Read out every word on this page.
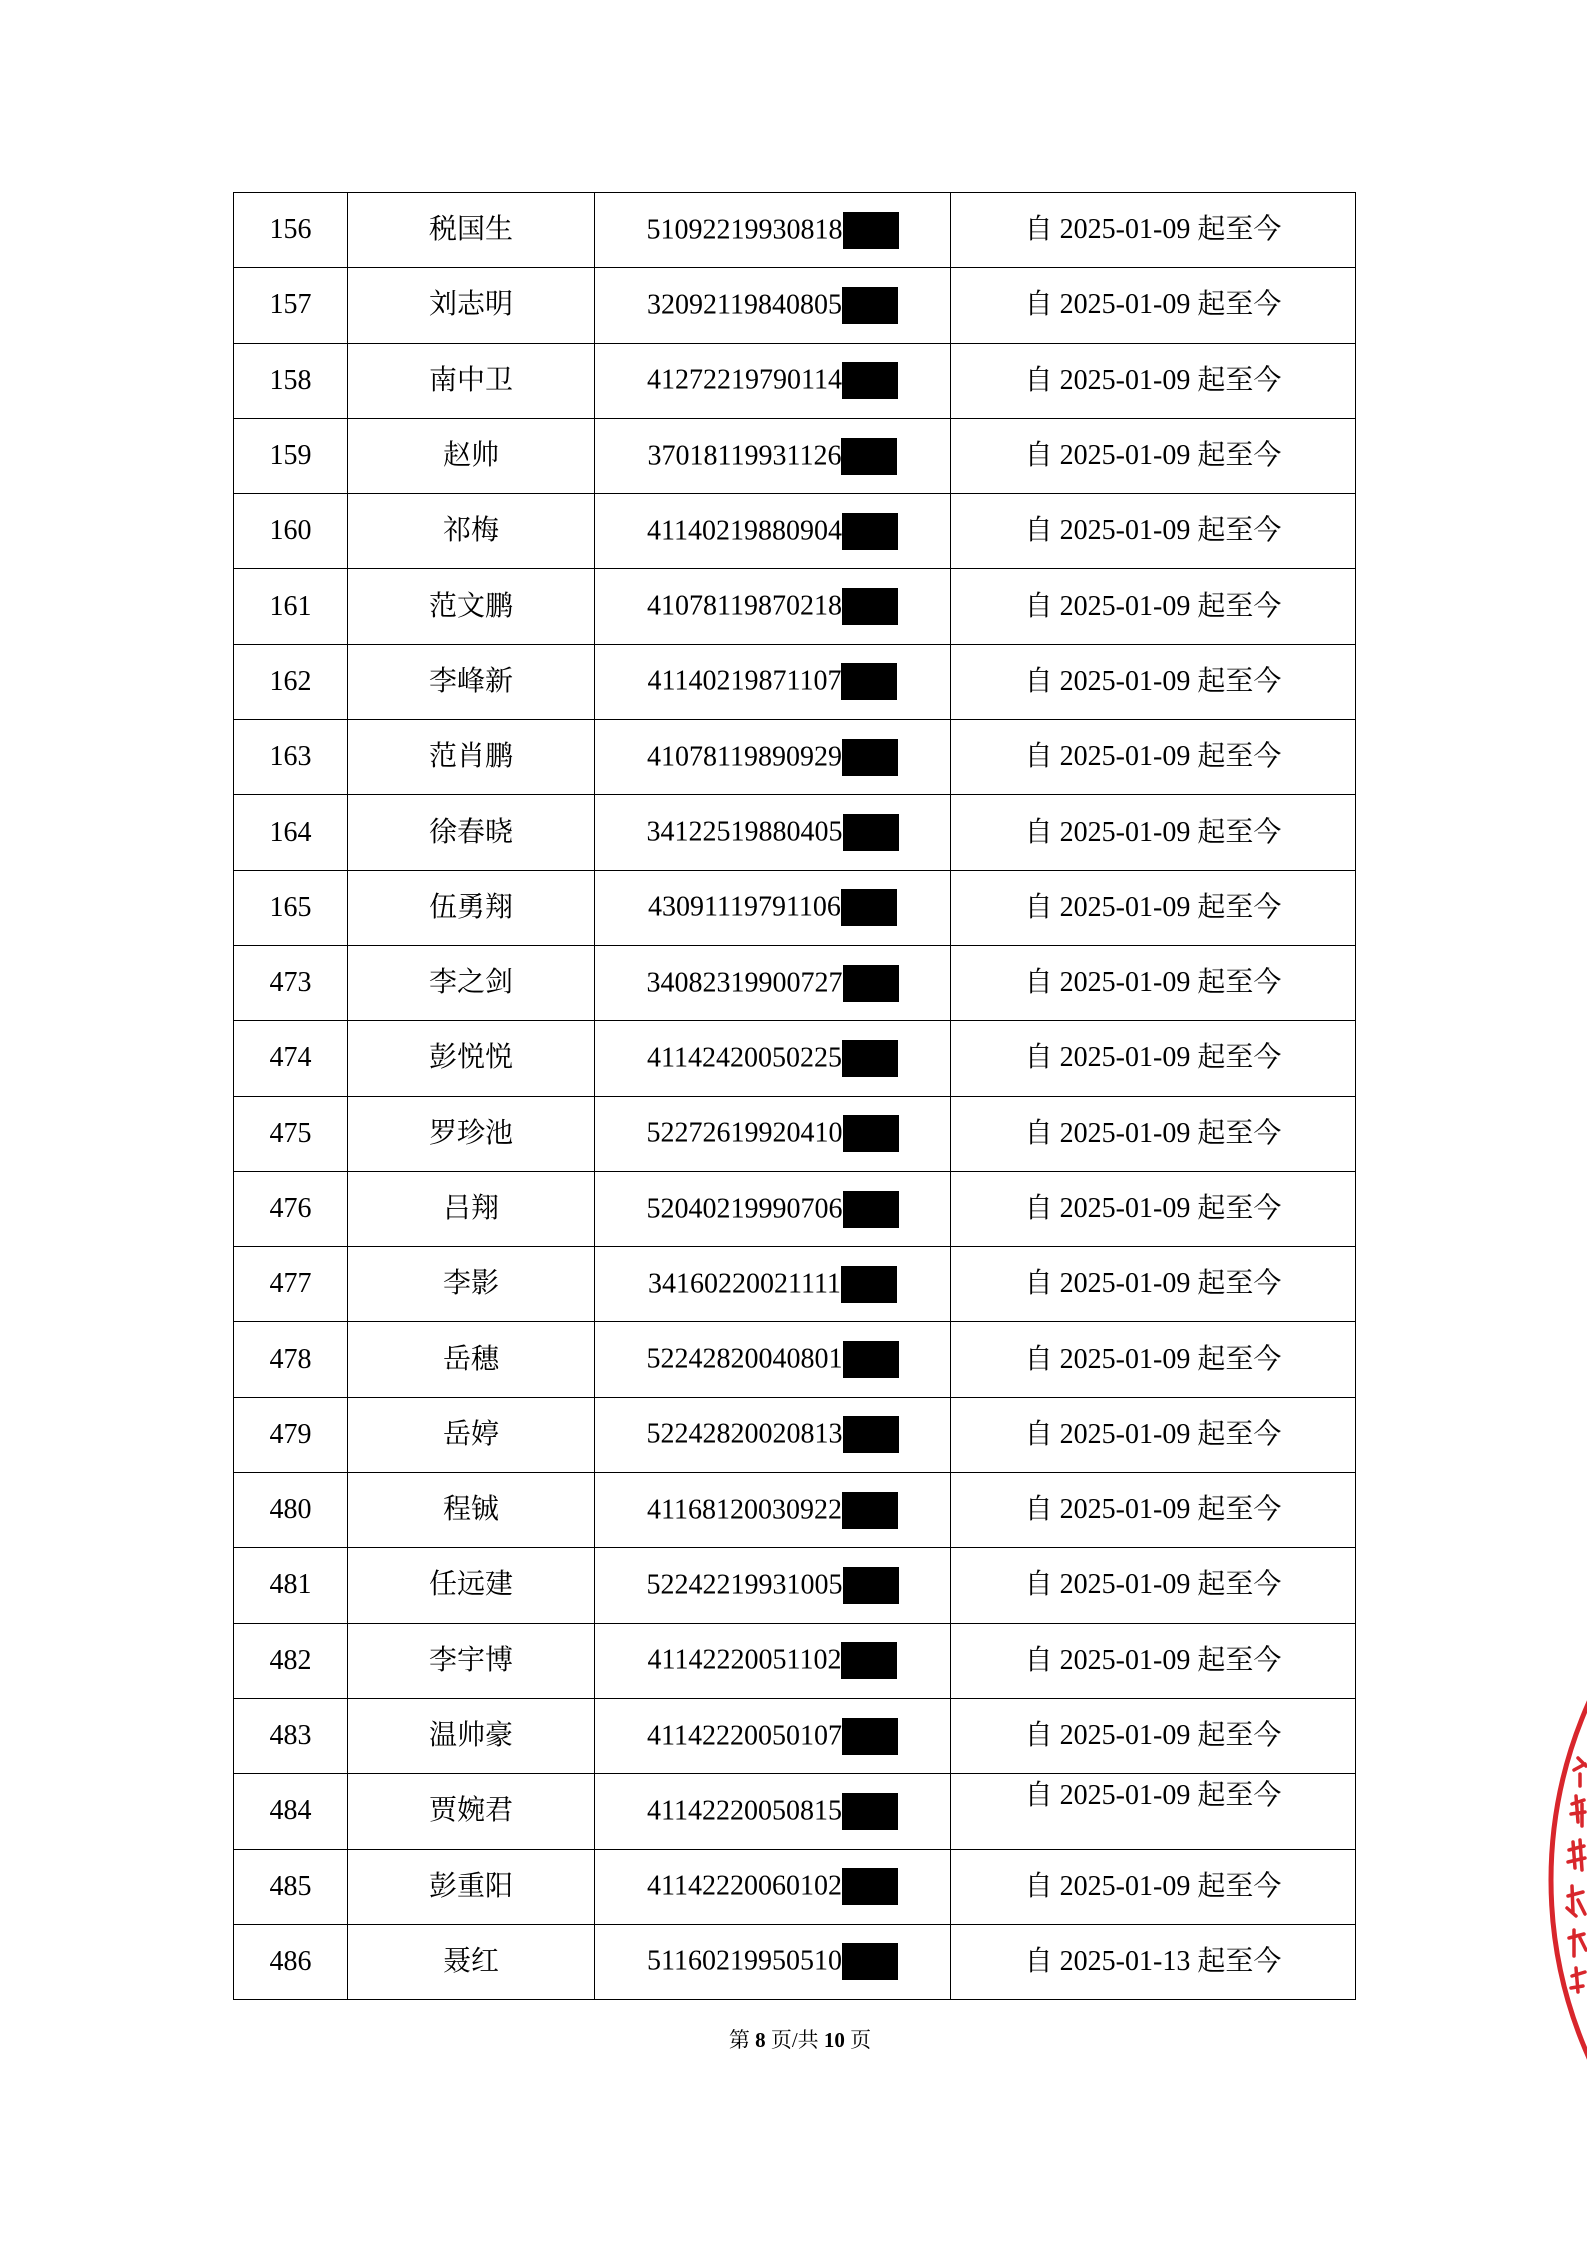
156	税国生	51092219930818	自 2025-01-09 起至今
157	刘志明	32092119840805	自 2025-01-09 起至今
158	南中卫	41272219790114	自 2025-01-09 起至今
159	赵帅	37018119931126	自 2025-01-09 起至今
160	祁梅	41140219880904	自 2025-01-09 起至今
161	范文鹏	41078119870218	自 2025-01-09 起至今
162	李峰新	41140219871107	自 2025-01-09 起至今
163	范肖鹏	41078119890929	自 2025-01-09 起至今
164	徐春晓	34122519880405	自 2025-01-09 起至今
165	伍勇翔	43091119791106	自 2025-01-09 起至今
473	李之剑	34082319900727	自 2025-01-09 起至今
474	彭悦悦	41142420050225	自 2025-01-09 起至今
475	罗珍池	52272619920410	自 2025-01-09 起至今
476	吕翔	52040219990706	自 2025-01-09 起至今
477	李影	34160220021111	自 2025-01-09 起至今
478	岳穗	52242820040801	自 2025-01-09 起至今
479	岳婷	52242820020813	自 2025-01-09 起至今
480	程铖	41168120030922	自 2025-01-09 起至今
481	任远建	52242219931005	自 2025-01-09 起至今
482	李宇博	41142220051102	自 2025-01-09 起至今
483	温帅豪	41142220050107	自 2025-01-09 起至今
484	贾婉君	41142220050815	自 2025-01-09 起至今
485	彭重阳	41142220060102	自 2025-01-09 起至今
486	聂红	51160219950510	自 2025-01-13 起至今
第 8 页/共 10 页
